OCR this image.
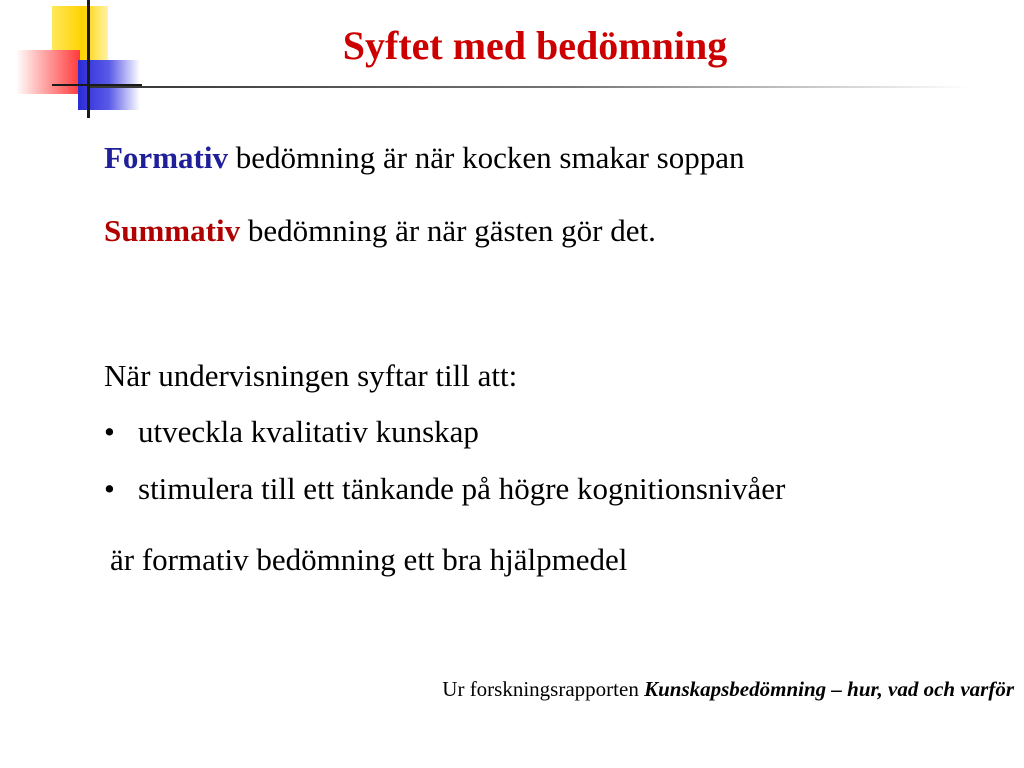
Syftet med bedömning
Formativ bedömning är när kocken smakar soppan
Summativ bedömning är när gästen gör det.
När undervisningen syftar till att:
• utveckla kvalitativ kunskap
• stimulera till ett tänkande på högre kognitionsnivåer
är formativ bedömning ett bra hjälpmedel
Ur forskningsrapporten Kunskapsbedömning – hur, vad och varför
